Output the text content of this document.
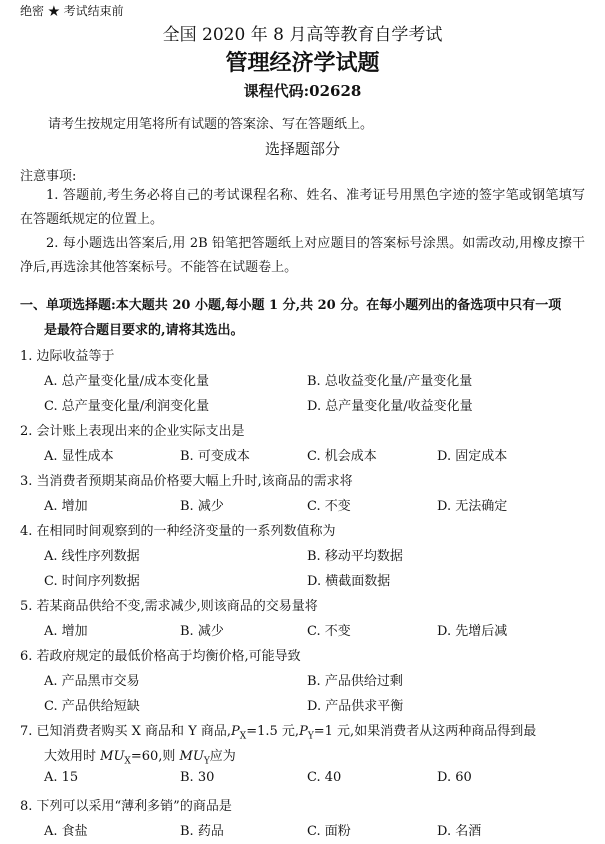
绝密 ★ 考试结束前
全国 2020 年 8 月高等教育自学考试
管理经济学试题
课程代码:02628
请考生按规定用笔将所有试题的答案涂、写在答题纸上。
选择题部分
注意事项:
1. 答题前,考生务必将自己的考试课程名称、姓名、准考证号用黑色字迹的签字笔或钢笔填写在答题纸规定的位置上。
2. 每小题选出答案后,用 2B 铅笔把答题纸上对应题目的答案标号涂黑。如需改动,用橡皮擦干净后,再选涂其他答案标号。不能答在试题卷上。
一、单项选择题:本大题共 20 小题,每小题 1 分,共 20 分。在每小题列出的备选项中只有一项
是最符合题目要求的,请将其选出。
1. 边际收益等于
A. 总产量变化量/成本变化量	B. 总收益变化量/产量变化量
C. 总产量变化量/利润变化量	D. 总产量变化量/收益变化量
2. 会计账上表现出来的企业实际支出是
A. 显性成本	B. 可变成本	C. 机会成本	D. 固定成本
3. 当消费者预期某商品价格要大幅上升时,该商品的需求将
A. 增加	B. 减少	C. 不变	D. 无法确定
4. 在相同时间观察到的一种经济变量的一系列数值称为
A. 线性序列数据	B. 移动平均数据
C. 时间序列数据	D. 横截面数据
5. 若某商品供给不变,需求减少,则该商品的交易量将
A. 增加	B. 减少	C. 不变	D. 先增后减
6. 若政府规定的最低价格高于均衡价格,可能导致
A. 产品黑市交易	B. 产品供给过剩
C. 产品供给短缺	D. 产品供求平衡
7. 已知消费者购买 X 商品和 Y 商品$,P_X=1.5$ 元$,P_Y=1$ 元,如果消费者从这两种商品得到最
大效用时 $MU_X=60$,则 $MU_Y$应为
A. 15	B. 30	C. 40	D. 60
8. 下列可以采用“薄利多销”的商品是
A. 食盐	B. 药品	C. 面粉	D. 名酒
